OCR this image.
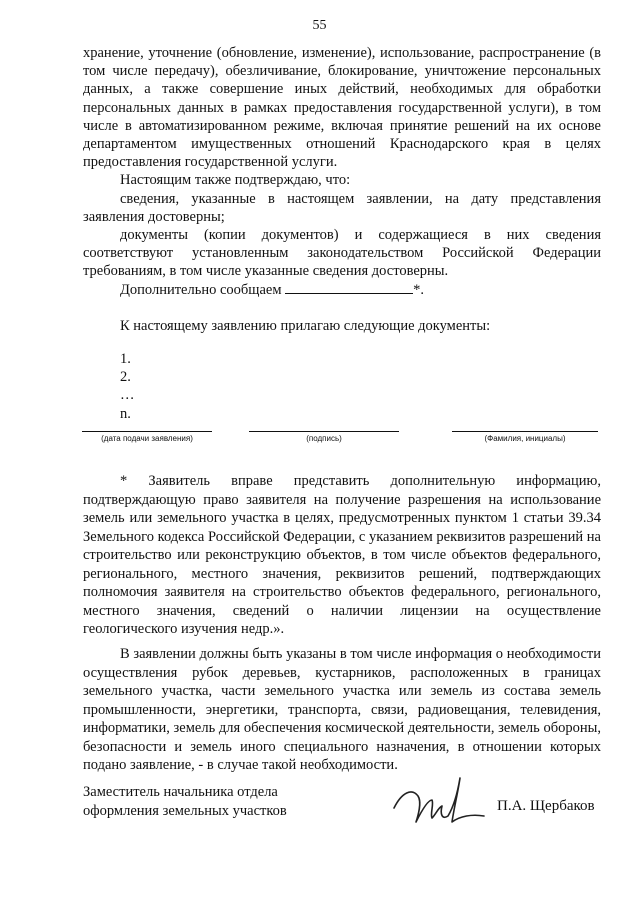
55

хранение, уточнение (обновление, изменение), использование, распространение (в том числе передачу), обезличивание, блокирование, уничтожение персональных данных, а также совершение иных действий, необходимых для обработки персональных данных в рамках предоставления государственной услуги), в том числе в автоматизированном режиме, включая принятие решений на их основе департаментом имущественных отношений Краснодарского края в целях предоставления государственной услуги.

Настоящим также подтверждаю, что:

сведения, указанные в настоящем заявлении, на дату представления заявления достоверны;

документы (копии документов) и содержащиеся в них сведения соответствуют установленным законодательством Российской Федерации требованиям, в том числе указанные сведения достоверны.

Дополнительно сообщаем	*.

К настоящему заявлению прилагаю следующие документы:

1.
2.
…
n.
(дата подачи заявления)	(подпись)	(Фамилия, инициалы)

* Заявитель вправе представить дополнительную информацию, подтверждающую право заявителя на получение разрешения на использование земель или земельного участка в целях, предусмотренных пунктом 1 статьи 39.34 Земельного кодекса Российской Федерации, с указанием реквизитов разрешений на строительство или реконструкцию объектов, в том числе объектов федерального, регионального, местного значения, реквизитов решений, подтверждающих полномочия заявителя на строительство объектов федерального, регионального, местного значения, сведений о наличии лицензии на осуществление геологического изучения недр.».

В заявлении должны быть указаны в том числе информация о необходимости осуществления рубок деревьев, кустарников, расположенных в границах земельного участка, части земельного участка или земель из состава земель промышленности, энергетики, транспорта, связи, радиовещания, телевидения, информатики, земель для обеспечения космической деятельности, земель обороны, безопасности и земель иного специального назначения, в отношении которых подано заявление, - в случае такой необходимости.

Заместитель начальника отдела
оформления земельных участков	П.А. Щербаков
